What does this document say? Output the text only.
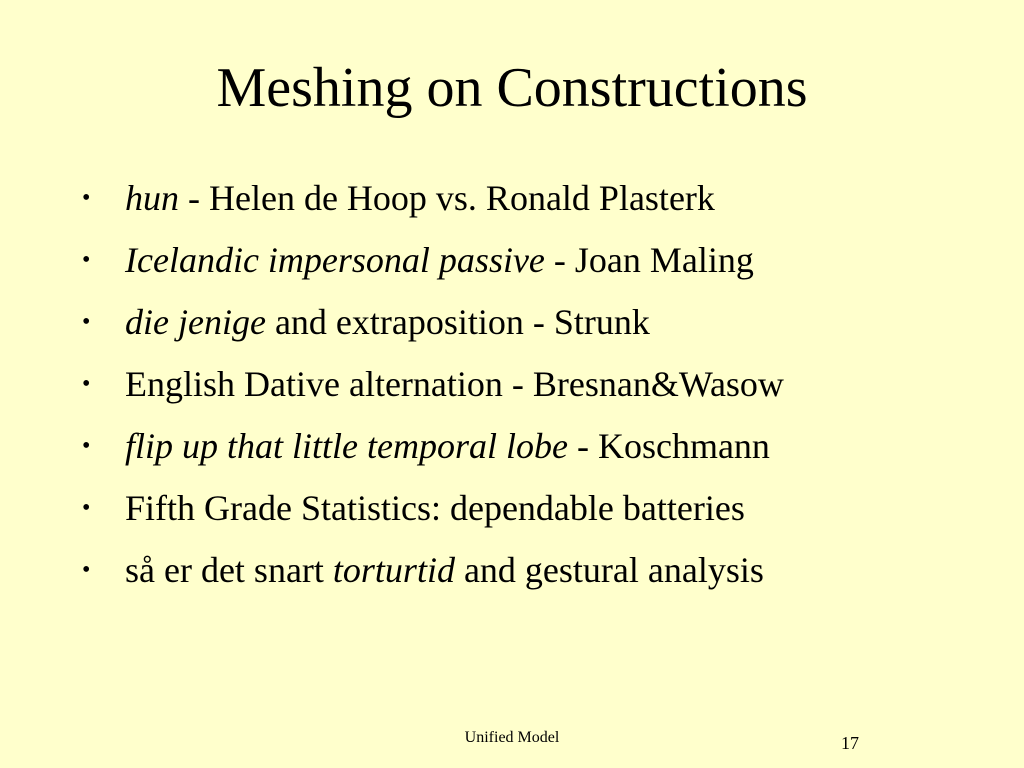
Meshing on Constructions
• hun - Helen de Hoop vs. Ronald Plasterk
• Icelandic impersonal passive - Joan Maling
• die jenige and extraposition - Strunk
• English Dative alternation - Bresnan&Wasow
• flip up that little temporal lobe - Koschmann
• Fifth Grade Statistics: dependable batteries
• så er det snart torturtid and gestural analysis
Unified Model	17
